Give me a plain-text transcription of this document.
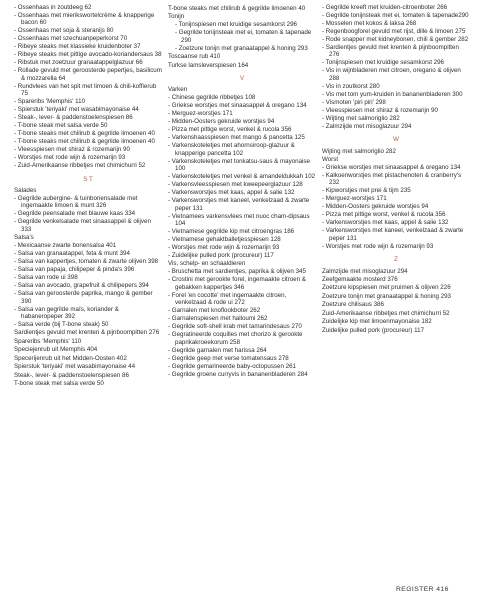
- Ossenhaas in zoutdeeg 62
- Ossenhaas met mierikswortelcrème & knapperige bacon 60
- Ossenhaas met soja & steranijs 80
- Ossenhaas met szechuanpeperkorst 70
- Ribeye steaks met klassieke kruidenboter 37
- Ribeye steaks met pittige avocado-koriandersaus 38
- Ribstuk met zoetzuur granaatappelglazuur 66
- Rollade gevuld met geroosterde pepertjes, basilicum & mozzarella 64
- Rundvlees van het spit met limoen & chili-koffierub 75
- Spareribs 'Memphis' 110
- Spierstuk 'teriyaki' met wasabimayonaise 44
- Steak-, lever- & paddenstoelenspiesen 86
- T-bone steak met salsa verde 50
- T-bone steaks met chilirub & gegrilde limoenen 40
- T-bone steaks met chilirub & gegrilde limoenen 40
- Vleesspiesen met shiraz & rozemarijn 90
- Worstjes met rode wijn & rozemarijn 93
- Zuid-Amerikaanse ribbetjes met chimichurri 52
S T
Salades
- Gegrilde aubergine- & tuinbonensalade met ingemaakte limoen & munt 326
- Gegrilde peensalade met blauwe kaas 334
- Gegrilde venkelsalade met sinaasappel & olijven 333
Salsa's
- Mexicaanse zwarte bonensalsa 401
- Salsa van granaatappel, feta & munt 394
- Salsa van kappertjes, tomaten & zwarte olijven 398
- Salsa van papaja, chilipeper & pinda's 396
- Salsa van rode ui 398
- Salsa van avocado, grapefruit & chilipepers 394
- Salsa van geroosterde paprika, mango & gember 390
- Salsa van gegrilde maïs, koriander & habaneropeper 392
- Salsa verde (bij T-bone steak) 50
Sardientjes gevuld met krenten & pijnboompitten 276
Spareribs 'Memphis' 110
Speciejenrub uit Memphis 404
Specerijenrub uit het Midden-Oosten 402
Spierstuk 'teriyaki' met wasabimayonaise 44
Steak-, lever- & paddenstoelenspiesen 86
T-bone steak met salsa verde 50
T-bone steaks met chilirub & gegrilde limoenen 40
Tonijn
- Tonijnspiesen met kruidige sesamkorst 296
- Gegrilde tonijnsteak met ei, tomaten & tapenade 290
- Zoetzure tonijn met granaatappel & honing 293
Toscaanse rub 410
Turkse lamsleverspiesen 164
V
Varken
- Chinese gegrilde ribbetjes 108
- Griekse worstjes met sinaasappel & oregano 134
- Merguez-worstjes 171
- Midden-Oosters gekruide worstjes 94
- Pizza met pittige worst, venkel & rucola 356
- Varkenshaasspiesen met mango & pancetta 125
- Varkenskoteletjes met ahornsiroop-glazuur & knapperige pancetta 102
- Varkenskoteletjes met tonkatsu-saus & mayonaise 100
- Varkenskoteletjes met venkel & amandeldukkah 102
- Varkensvleesspiesen met kweepeerglazuur 128
- Varkensworstjes met kaas, appel & salie 132
- Varkensworstjes met kaneel, venkelzaad & zwarte peper 131
- Vietnamees varkensvlees met nuoc cham-dipsaus 104
- Vietnamese gegrilde kip met citroengras 186
- Vietnamese gehaktballetjesspiesen 128
- Worstjes met rode wijn & rozemarijn 93
- Zuidelijke pulled pork (procureur) 117
Vis, schelp- en schaaldieren
- Bruschetta met sardientjes, paprika & olijven 345
- Crostini met gerookte forel, ingemaakte citroen & gebakken kappertjes 346
- Forel 'en cocotte' met ingemaakte citroen, venkelzaad & rode ui 272
- Garnalen met knoflookboter 262
- Garnalenspiesen met halloumi 262
- Gegrilde soft-shell krab met tamarindesaus 270
- Gegratineerde coquilles met chorizo & gerookte paprikakroeekorum 258
- Gegrilde garnalen met harissa 264
- Gegrilde geep met verse tomatensaus 278
- Gegrilde gemarineerde baby-octopussen 261
- Gegrilde groene curryvis in bananenbladeren 284
- Gegrilde kreeft met kruiden-citroenboter 266
- Gegrilde tonijnsteak met ei, tomaten & tapenade290
- Mosselen met kokos & laksa 268
- Regenboogforel gevuld met rijst, dille & limoen 275
- Rode snapper met kidneybonen, chili & gember 282
- Sardientjes gevuld met krenten & pijnboompitten 276
- Tonijnspiesen met kruidige sesamkorst 296
- Vis in wijnbladeren met citroen, oregano & olijven 288
- Vis in zoutkorst 280
- Vis met tom yum-kruiden in bananenbladeren 300
- Vismoten 'piri piri' 298
- Vleesspiesen met shiraz & rozemarijn 90
- Wijting met salmoriglio 282
- Zalmzijde met misoglazuur 294
W
Wijting met salmoriglio 282
Worst
- Griekse worstjes met sinaasappel & oregano 134
- Kalkoenworstjes met pistachenoten & cranberry's 232
- Kipworstjes met prei & tijm 235
- Merguez-worstjes 171
- Midden-Oosters gekruide worstjes 94
- Pizza met pittige worst, venkel & rucola 356
- Varkensworstjes met kaas, appel & salie 132
- Varkensworstjes met kaneel, venkelzaad & zwarte peper 131
- Worstjes met rode wijn & rozemarijn 93
Z
Zalmzijde met misoglazuur 294
Zeefgemaakte mosterd 376
Zoetzure kipspiesen met pruimen & olijven 226
Zoetzure tonijn met granaatappel & honing 293
Zoetzure chilisaus 386
Zuid-Amerikaanse ribbetjes met chimichurri 52
Zuidelijke kip met limoenmayonaise 182
Zuidelijke pulled pork (procureur) 117
REGISTER 416
